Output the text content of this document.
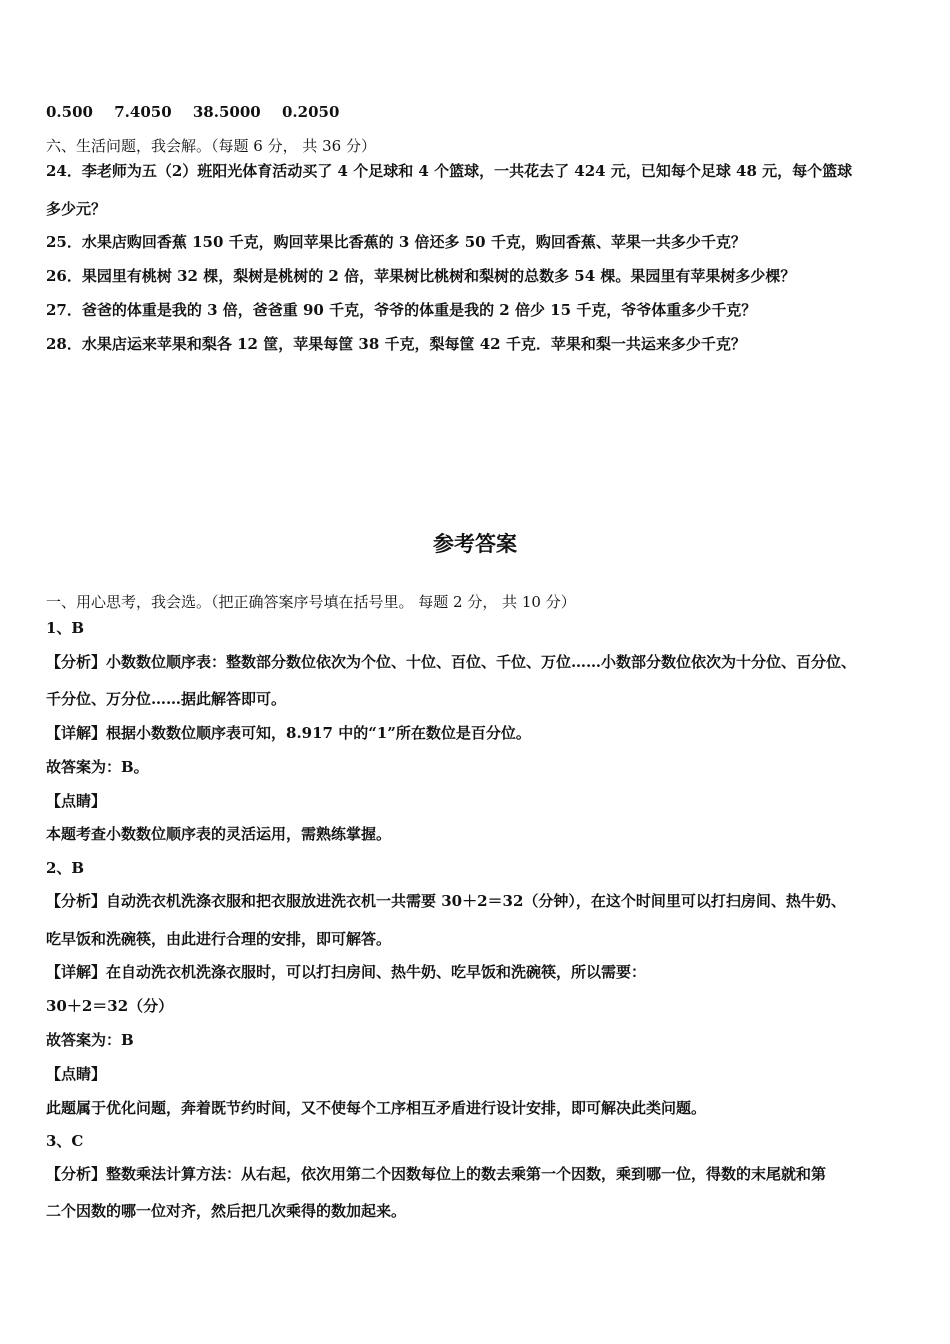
0.500 7.4050 38.5000 0.2050
六、生活问题，我会解。（每题 6 分， 共 36 分）
24．李老师为五（2）班阳光体育活动买了 4 个足球和 4 个篮球，一共花去了 424 元，已知每个足球 48 元，每个篮球
多少元？
25．水果店购回香蕉 150 千克，购回苹果比香蕉的 3 倍还多 50 千克，购回香蕉、苹果一共多少千克？
26．果园里有桃树 32 棵，梨树是桃树的 2 倍，苹果树比桃树和梨树的总数多 54 棵。果园里有苹果树多少棵？
27．爸爸的体重是我的 3 倍，爸爸重 90 千克，爷爷的体重是我的 2 倍少 15 千克，爷爷体重多少千克？
28．水果店运来苹果和梨各 12 筐，苹果每筐 38 千克，梨每筐 42 千克．苹果和梨一共运来多少千克？
参考答案
一、用心思考，我会选。（把正确答案序号填在括号里。 每题 2 分， 共 10 分）
1、B
【分析】小数数位顺序表：整数部分数位依次为个位、十位、百位、千位、万位……小数部分数位依次为十分位、百分位、
千分位、万分位……据此解答即可。
【详解】根据小数数位顺序表可知，8.917 中的“1”所在数位是百分位。
故答案为：B。
【点睛】
本题考查小数数位顺序表的灵活运用，需熟练掌握。
2、B
【分析】自动洗衣机洗涤衣服和把衣服放进洗衣机一共需要 30＋2＝32（分钟），在这个时间里可以打扫房间、热牛奶、
吃早饭和洗碗筷，由此进行合理的安排，即可解答。
【详解】在自动洗衣机洗涤衣服时，可以打扫房间、热牛奶、吃早饭和洗碗筷，所以需要：
30＋2＝32（分）
故答案为：B
【点睛】
此题属于优化问题，奔着既节约时间，又不使每个工序相互矛盾进行设计安排，即可解决此类问题。
3、C
【分析】整数乘法计算方法：从右起，依次用第二个因数每位上的数去乘第一个因数，乘到哪一位，得数的末尾就和第
二个因数的哪一位对齐，然后把几次乘得的数加起来。
